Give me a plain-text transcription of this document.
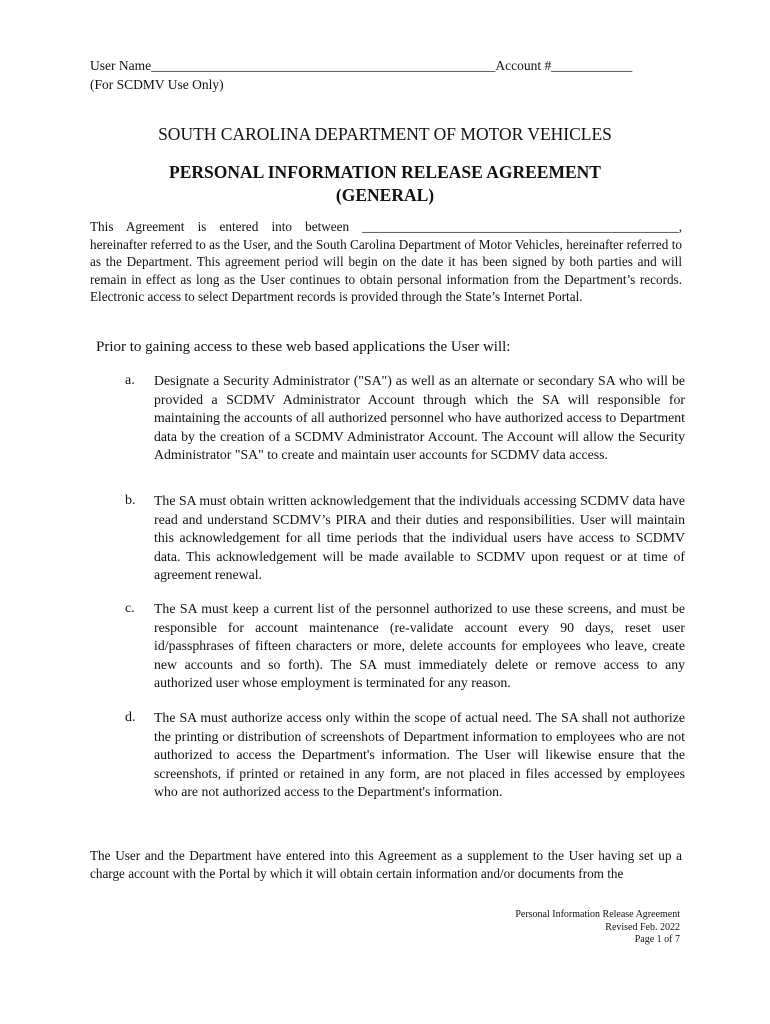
User Name___________________________________________________Account #____________
(For SCDMV Use Only)
SOUTH CAROLINA DEPARTMENT OF MOTOR VEHICLES
PERSONAL INFORMATION RELEASE AGREEMENT
(GENERAL)
This Agreement is entered into between ________________________________________________, hereinafter referred to as the User, and the South Carolina Department of Motor Vehicles, hereinafter referred to as the Department. This agreement period will begin on the date it has been signed by both parties and will remain in effect as long as the User continues to obtain personal information from the Department’s records. Electronic access to select Department records is provided through the State’s Internet Portal.
Prior to gaining access to these web based applications the User will:
a. Designate a Security Administrator ("SA") as well as an alternate or secondary SA who will be provided a SCDMV Administrator Account through which the SA will responsible for maintaining the accounts of all authorized personnel who have authorized access to Department data by the creation of a SCDMV Administrator Account. The Account will allow the Security Administrator "SA" to create and maintain user accounts for SCDMV data access.
b. The SA must obtain written acknowledgement that the individuals accessing SCDMV data have read and understand SCDMV’s PIRA and their duties and responsibilities. User will maintain this acknowledgement for all time periods that the individual users have access to SCDMV data. This acknowledgement will be made available to SCDMV upon request or at time of agreement renewal.
c. The SA must keep a current list of the personnel authorized to use these screens, and must be responsible for account maintenance (re-validate account every 90 days, reset user id/passphrases of fifteen characters or more, delete accounts for employees who leave, create new accounts and so forth). The SA must immediately delete or remove access to any authorized user whose employment is terminated for any reason.
d. The SA must authorize access only within the scope of actual need. The SA shall not authorize the printing or distribution of screenshots of Department information to employees who are not authorized to access the Department's information. The User will likewise ensure that the screenshots, if printed or retained in any form, are not placed in files accessed by employees who are not authorized access to the Department's information.
The User and the Department have entered into this Agreement as a supplement to the User having set up a charge account with the Portal by which it will obtain certain information and/or documents from the
Personal Information Release Agreement
Revised Feb. 2022
Page 1 of 7
